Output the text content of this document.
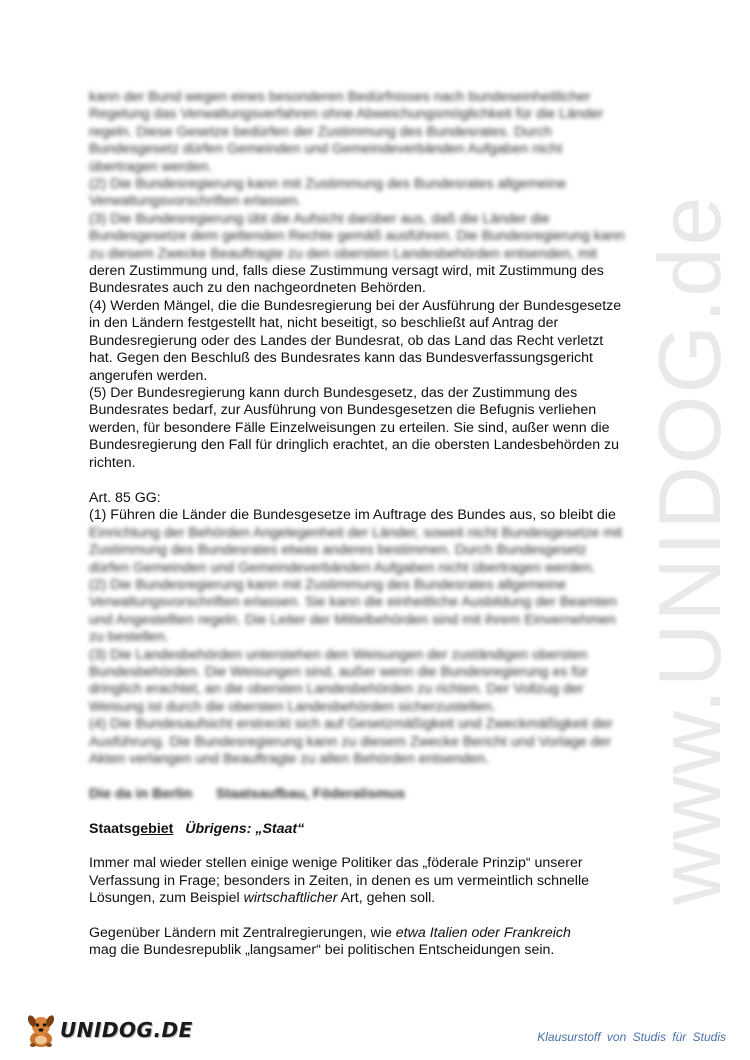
www.UNIDOG.de

kann der Bund wegen eines besonderen Bedürfnisses nach bundeseinheitlicher

Regelung das Verwaltungsverfahren ohne Abweichungsmöglichkeit für die Länder

regeln. Diese Gesetze bedürfen der Zustimmung des Bundesrates. Durch

Bundesgesetz dürfen Gemeinden und Gemeindeverbänden Aufgaben nicht

übertragen werden.

(2) Die Bundesregierung kann mit Zustimmung des Bundesrates allgemeine

Verwaltungsvorschriften erlassen.

(3) Die Bundesregierung übt die Aufsicht darüber aus, daß die Länder die

Bundesgesetze dem geltenden Rechte gemäß ausführen. Die Bundesregierung kann

zu diesem Zwecke Beauftragte zu den obersten Landesbehörden entsenden, mit

deren Zustimmung und, falls diese Zustimmung versagt wird, mit Zustimmung des

Bundesrates auch zu den nachgeordneten Behörden.

(4) Werden Mängel, die die Bundesregierung bei der Ausführung der Bundesgesetze

in den Ländern festgestellt hat, nicht beseitigt, so beschließt auf Antrag der

Bundesregierung oder des Landes der Bundesrat, ob das Land das Recht verletzt

hat. Gegen den Beschluß des Bundesrates kann das Bundesverfassungsgericht

angerufen werden.

(5) Der Bundesregierung kann durch Bundesgesetz, das der Zustimmung des

Bundesrates bedarf, zur Ausführung von Bundesgesetzen die Befugnis verliehen

werden, für besondere Fälle Einzelweisungen zu erteilen. Sie sind, außer wenn die

Bundesregierung den Fall für dringlich erachtet, an die obersten Landesbehörden zu

richten.

Art. 85 GG:

(1) Führen die Länder die Bundesgesetze im Auftrage des Bundes aus, so bleibt die

Einrichtung der Behörden Angelegenheit der Länder, soweit nicht Bundesgesetze mit

Zustimmung des Bundesrates etwas anderes bestimmen. Durch Bundesgesetz

dürfen Gemeinden und Gemeindeverbänden Aufgaben nicht übertragen werden.

(2) Die Bundesregierung kann mit Zustimmung des Bundesrates allgemeine

Verwaltungsvorschriften erlassen. Sie kann die einheitliche Ausbildung der Beamten

und Angestellten regeln. Die Leiter der Mittelbehörden sind mit ihrem Einvernehmen

zu bestellen.

(3) Die Landesbehörden unterstehen den Weisungen der zuständigen obersten

Bundesbehörden. Die Weisungen sind, außer wenn die Bundesregierung es für

dringlich erachtet, an die obersten Landesbehörden zu richten. Der Vollzug der

Weisung ist durch die obersten Landesbehörden sicherzustellen.

(4) Die Bundesaufsicht erstreckt sich auf Gesetzmäßigkeit und Zweckmäßigkeit der

Ausführung. Die Bundesregierung kann zu diesem Zwecke Bericht und Vorlage der

Akten verlangen und Beauftragte zu allen Behörden entsenden.

Die da in Berlin      Staatsaufbau, Föderalismus

Staatsgebiet Übrigens: „Staat“

Immer mal wieder stellen einige wenige Politiker das „föderale Prinzip“ unserer

Verfassung in Frage; besonders in Zeiten, in denen es um vermeintlich schnelle

Lösungen, zum Beispiel wirtschaftlicher Art, gehen soll.

Gegenüber Ländern mit Zentralregierungen, wie etwa Italien oder Frankreich

mag die Bundesrepublik „langsamer“ bei politischen Entscheidungen sein.

UNIDOG.DE	Klausurstoff von Studis für Studis
